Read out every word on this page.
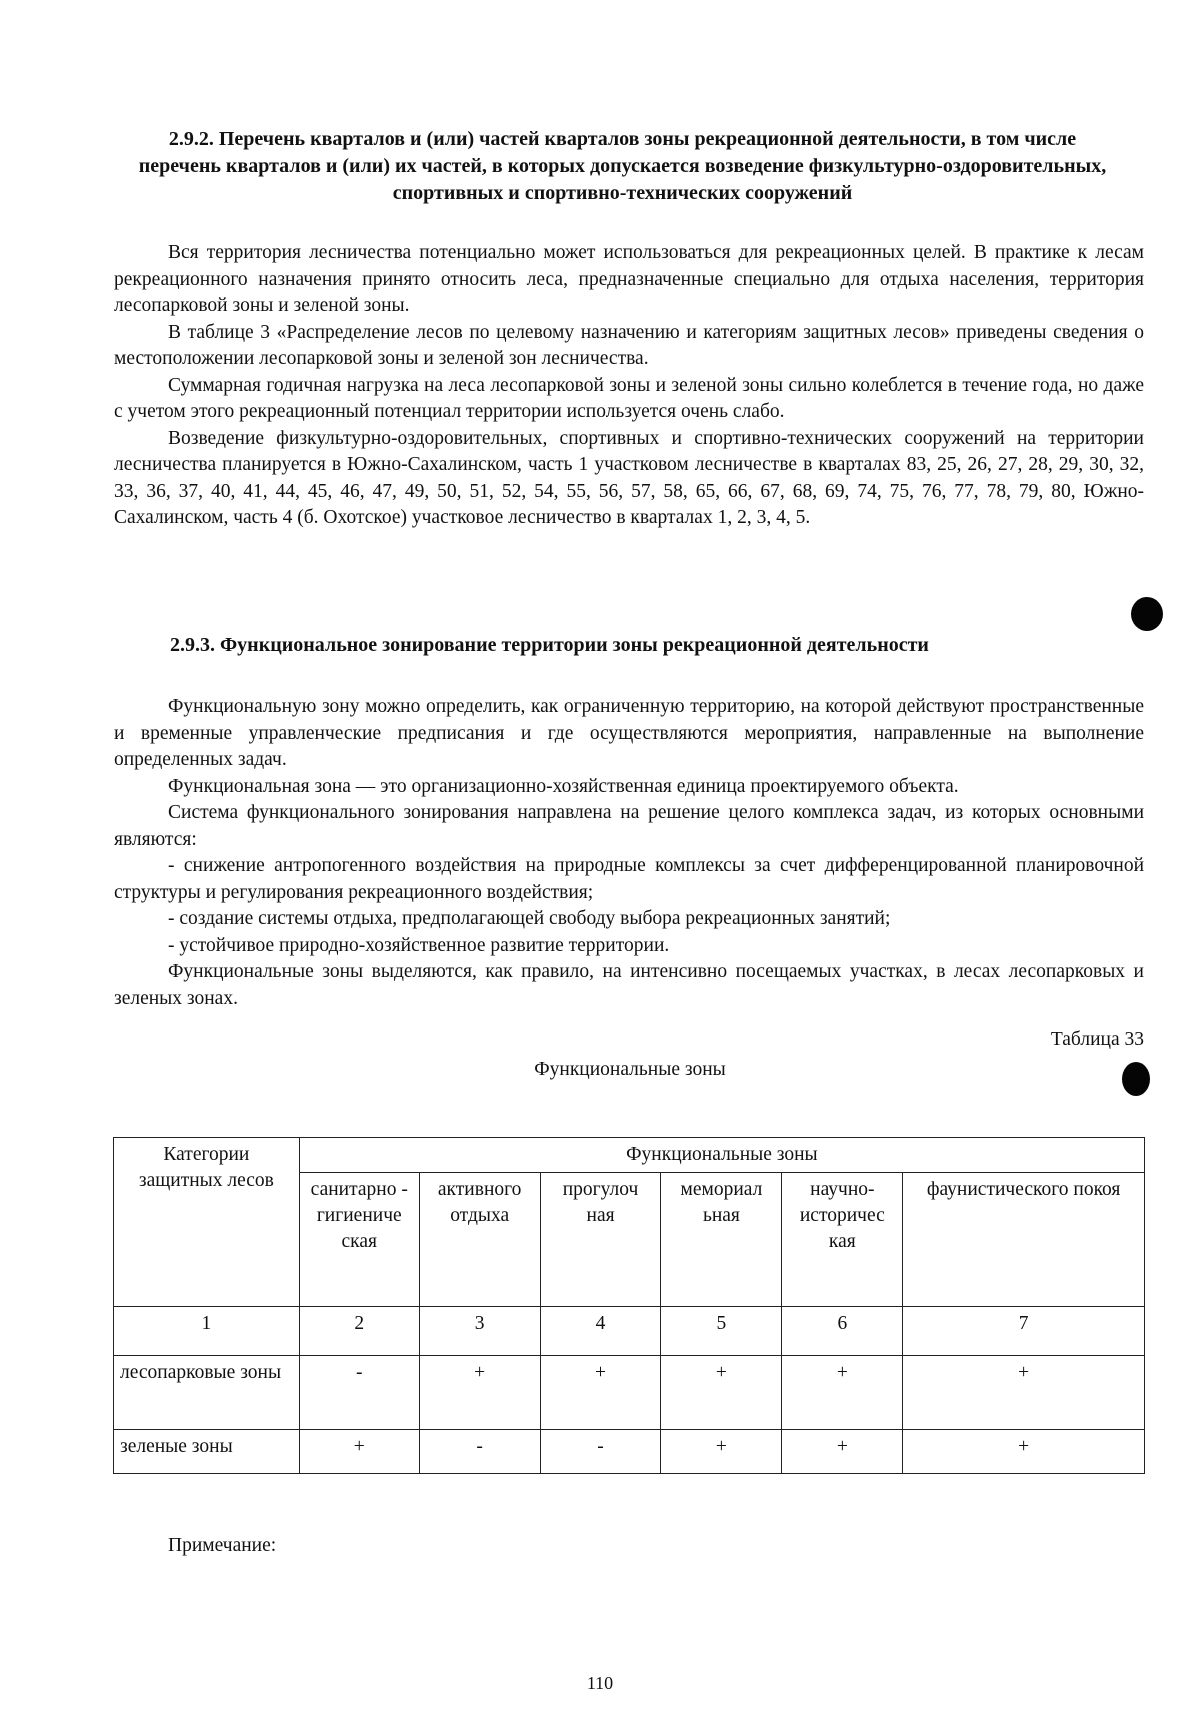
2.9.2. Перечень кварталов и (или) частей кварталов зоны рекреационной деятельности, в том числе перечень кварталов и (или) их частей, в которых допускается возведение физкультурно-оздоровительных, спортивных и спортивно-технических сооружений

Вся территория лесничества потенциально может использоваться для рекреационных целей. В практике к лесам рекреационного назначения принято относить леса, предназначенные специально для отдыха населения, территория лесопарковой зоны и зеленой зоны.

В таблице 3 «Распределение лесов по целевому назначению и категориям защитных лесов» приведены сведения о местоположении лесопарковой зоны и зеленой зон лесничества.

Суммарная годичная нагрузка на леса лесопарковой зоны и зеленой зоны сильно колеблется в течение года, но даже с учетом этого рекреационный потенциал территории используется очень слабо.

Возведение физкультурно-оздоровительных, спортивных и спортивно-технических сооружений на территории лесничества планируется в Южно-Сахалинском, часть 1 участковом лесничестве в кварталах 83, 25, 26, 27, 28, 29, 30, 32, 33, 36, 37, 40, 41, 44, 45, 46, 47, 49, 50, 51, 52, 54, 55, 56, 57, 58, 65, 66, 67, 68, 69, 74, 75, 76, 77, 78, 79, 80, Южно-Сахалинском, часть 4 (б. Охотское) участковое лесничество в кварталах 1, 2, 3, 4, 5.

2.9.3. Функциональное зонирование территории зоны рекреационной деятельности

Функциональную зону можно определить, как ограниченную территорию, на которой действуют пространственные и временные управленческие предписания и где осуществляются мероприятия, направленные на выполнение определенных задач.

Функциональная зона — это организационно-хозяйственная единица проектируемого объекта.

Система функционального зонирования направлена на решение целого комплекса задач, из которых основными являются:

- снижение антропогенного воздействия на природные комплексы за счет дифференцированной планировочной структуры и регулирования рекреационного воздействия;

- создание системы отдыха, предполагающей свободу выбора рекреационных занятий;

- устойчивое природно-хозяйственное развитие территории.

Функциональные зоны выделяются, как правило, на интенсивно посещаемых участках, в лесах лесопарковых и зеленых зонах.

Таблица 33

Функциональные зоны

Категории защитных лесов	Функциональные зоны					
	санитарно - гигиениче ская	активного отдыха	прогулоч ная	мемориал ьная	научно- историчес кая	фаунистического покоя
1	2	3	4	5	6	7
лесопарковые зоны	-	+	+	+	+	+
зеленые зоны	+	-	-	+	+	+

Примечание:

110
